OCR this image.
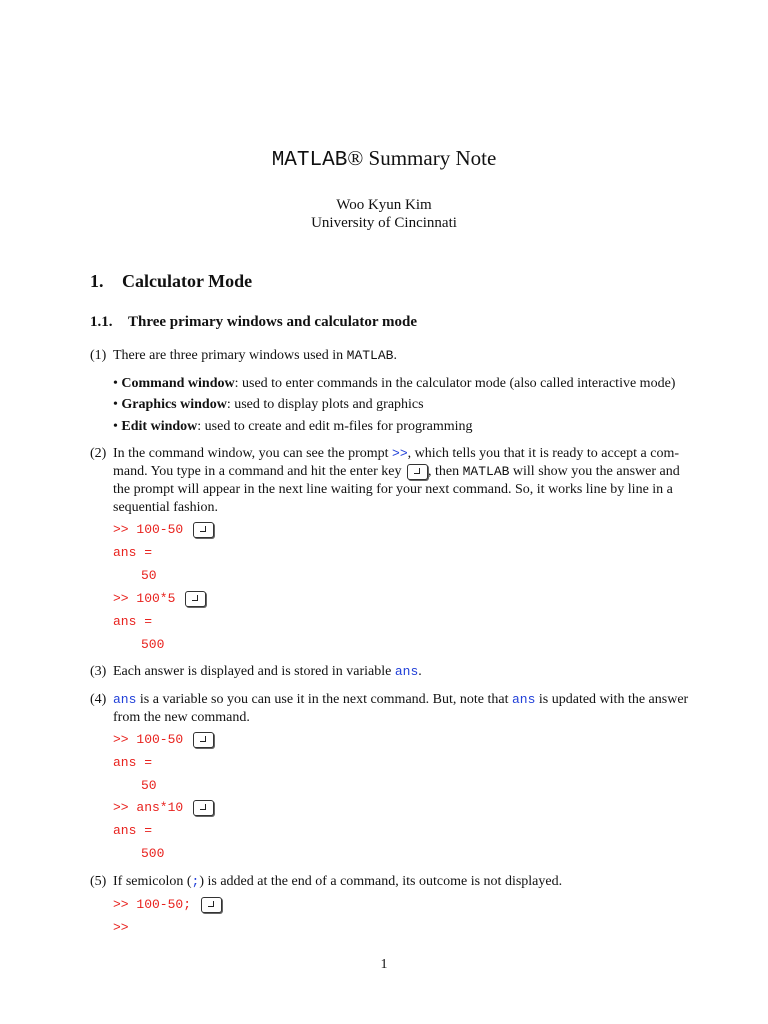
MATLAB® Summary Note
Woo Kyun Kim
University of Cincinnati
1. Calculator Mode
1.1. Three primary windows and calculator mode
(1) There are three primary windows used in MATLAB.
• Command window: used to enter commands in the calculator mode (also called interactive mode)
• Graphics window: used to display plots and graphics
• Edit window: used to create and edit m-files for programming
(2) In the command window, you can see the prompt >>, which tells you that it is ready to accept a com-
mand. You type in a command and hit the enter key , then MATLAB will show you the answer and
the prompt will appear in the next line waiting for your next command. So, it works line by line in a
sequential fashion.
>> 100-50
ans =
50
>> 100*5
ans =
500
(3) Each answer is displayed and is stored in variable ans.
(4) ans is a variable so you can use it in the next command. But, note that ans is updated with the answer
from the new command.
>> 100-50
ans =
50
>> ans*10
ans =
500
(5) If semicolon (;) is added at the end of a command, its outcome is not displayed.
>> 100-50;
>>
1
